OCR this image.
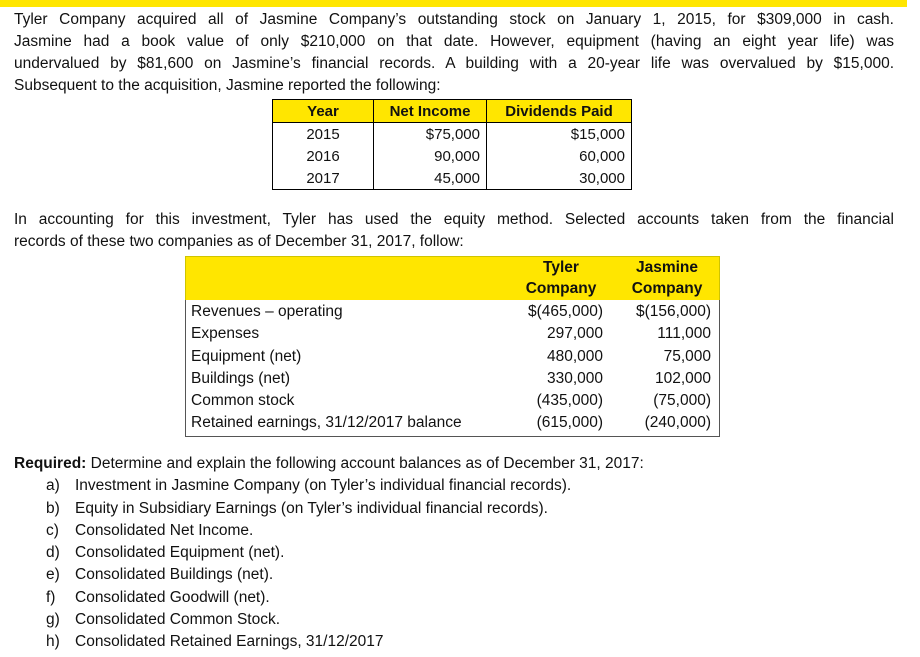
Tyler Company acquired all of Jasmine Company’s outstanding stock on January 1, 2015, for $309,000 in cash.
Jasmine had a book value of only $210,000 on that date. However, equipment (having an eight year life) was
undervalued by $81,600 on Jasmine’s financial records. A building with a 20-year life was overvalued by $15,000.
Subsequent to the acquisition, Jasmine reported the following:
Year	Net Income	Dividends Paid
2015	$75,000	$15,000
2016	90,000	60,000
2017	45,000	30,000
In accounting for this investment, Tyler has used the equity method. Selected accounts taken from the financial
records of these two companies as of December 31, 2017, follow:
Tyler
Company
Jasmine
Company
Revenues – operating	$(465,000) $(156,000)
Expenses	297,000	111,000
Equipment (net)	480,000	75,000
Buildings (net)	330,000	102,000
Common stock	(435,000)	(75,000)
Retained earnings, 31/12/2017 balance	(615,000)	(240,000)
Required: Determine and explain the following account balances as of December 31, 2017:
a) Investment in Jasmine Company (on Tyler’s individual financial records).
b) Equity in Subsidiary Earnings (on Tyler’s individual financial records).
c) Consolidated Net Income.
d) Consolidated Equipment (net).
e) Consolidated Buildings (net).
f) Consolidated Goodwill (net).
g) Consolidated Common Stock.
h) Consolidated Retained Earnings, 31/12/2017
